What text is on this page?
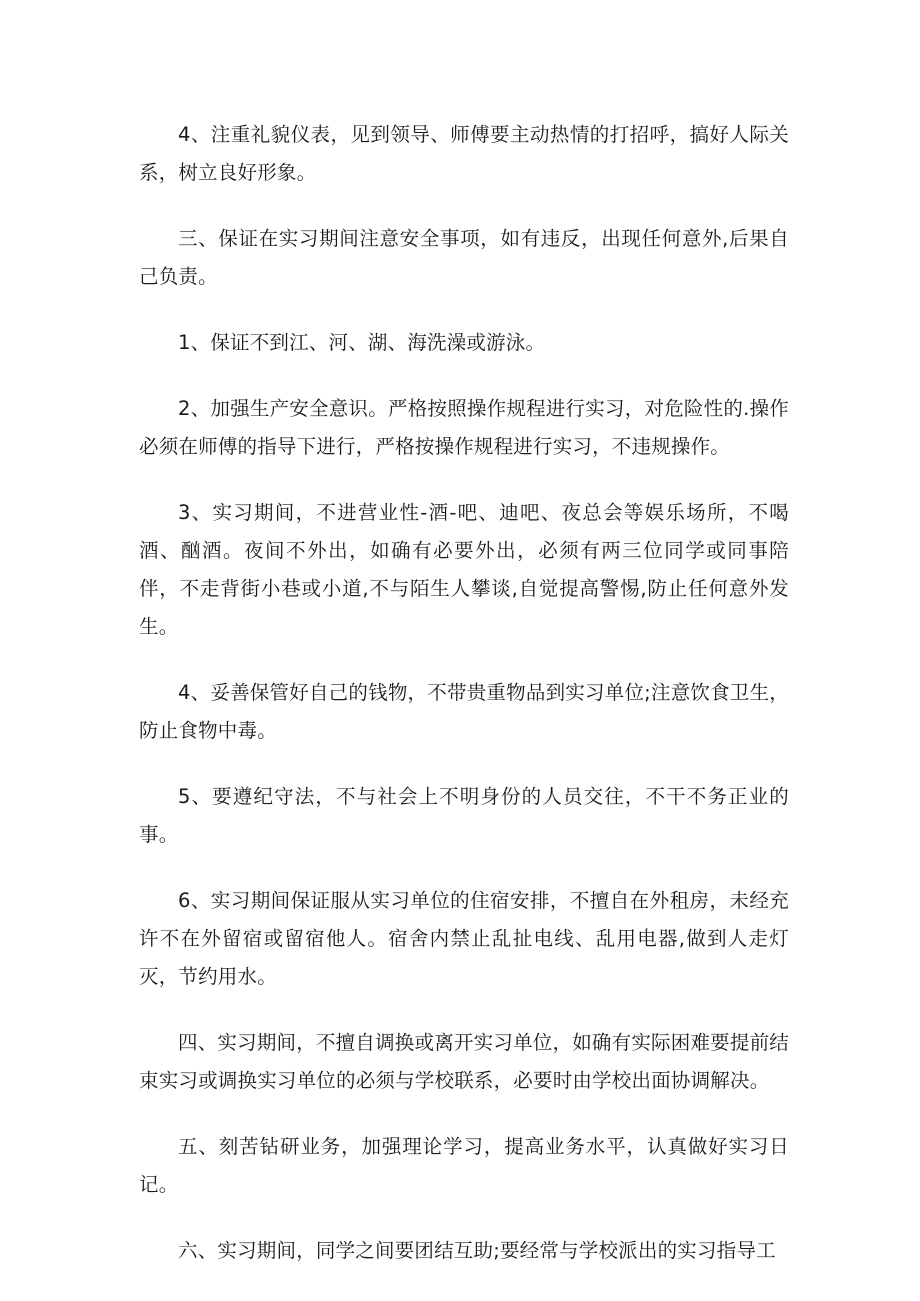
4、注重礼貌仪表，见到领导、师傅要主动热情的打招呼，搞好人际关系，树立良好形象。

三、保证在实习期间注意安全事项，如有违反，出现任何意外,后果自己负责。

1、保证不到江、河、湖、海洗澡或游泳。

2、加强生产安全意识。严格按照操作规程进行实习，对危险性的.操作必须在师傅的指导下进行，严格按操作规程进行实习，不违规操作。

3、实习期间，不进营业性-酒-吧、迪吧、夜总会等娱乐场所，不喝酒、酗酒。夜间不外出，如确有必要外出，必须有两三位同学或同事陪伴，不走背街小巷或小道,不与陌生人攀谈,自觉提高警惕,防止任何意外发生。

4、妥善保管好自己的钱物，不带贵重物品到实习单位;注意饮食卫生，防止食物中毒。

5、要遵纪守法，不与社会上不明身份的人员交往，不干不务正业的事。

6、实习期间保证服从实习单位的住宿安排，不擅自在外租房，未经充许不在外留宿或留宿他人。宿舍内禁止乱扯电线、乱用电器,做到人走灯灭，节约用水。

四、实习期间，不擅自调换或离开实习单位，如确有实际困难要提前结束实习或调换实习单位的必须与学校联系，必要时由学校出面协调解决。

五、刻苦钻研业务，加强理论学习，提高业务水平，认真做好实习日记。

六、实习期间，同学之间要团结互助;要经常与学校派出的实习指导工
